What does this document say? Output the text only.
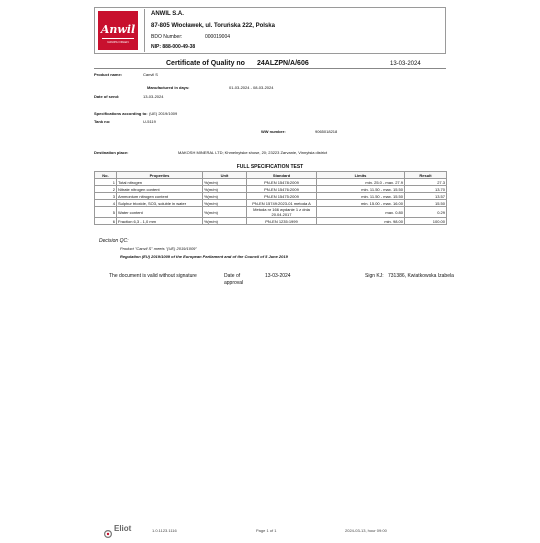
Anwil
GRUPA ORLEN
ANWIL S.A.
87-805 Włocławek, ul. Toruńska 222, Polska
BDO Number:	000019004
NIP: 888-000-49-38
Certificate of Quality no 24ALZPN/A/606	13-03-2024
Product name:	Canvil S
Manufactured in days:	01-03-2024 - 08-03-2024
Date of send:	13-03-2024
Specifications according to: (UE) 2019/1009
Tank no:	U-5119
WW number:	9065018218
Destination place:	MAKOSH MINERAL LTD; Khmelnytske shose, 20; 23223 Zarvanie, Vinnytsia district
FULL SPECIFICATION TEST
No.	Properties	Unit	Standard	Limits	Result
1	Total nitrogen	%(m/m)	PN-EN 15478:2009	min. 25.0 - max. 27.9	27.3
2	Nitrate nitrogen content	%(m/m)	PN-EN 15476:2009	min. 11.50 - max. 15.50	13.70
3	Ammonium nitrogen content	%(m/m)	PN-EN 15475:2009	min. 11.50 - max. 15.50	13.57
4	Sulphur trioxide, SO3, soluble in water	%(m/m)	PN-EN 15749:2023-01 metoda A	min. 15.00 - max. 16.00	15.50
5	Water content	%(m/m)	Metoda nr 166 wydanie 1 z dnia 20.04.2017	max. 0.80	0.29
6	Fraction 6,3 - 1,0 mm	%(m/m)	PN-EN 1235:1999	min. 98.00	100.00
Decision QC:
Product "Canvil S" meets "(UE) 2019/1009"
Regulation (EU) 2019/1009 of the European Parliament and of the Council of 5 June 2019
The document is valid without signature	Date of approval
13-03-2024	Sign KJ: 731386, Kwiatkowska Izabela
Eliot	1.0.1123.1116	Page 1 of 1	2024-03-13, hour 09:00
